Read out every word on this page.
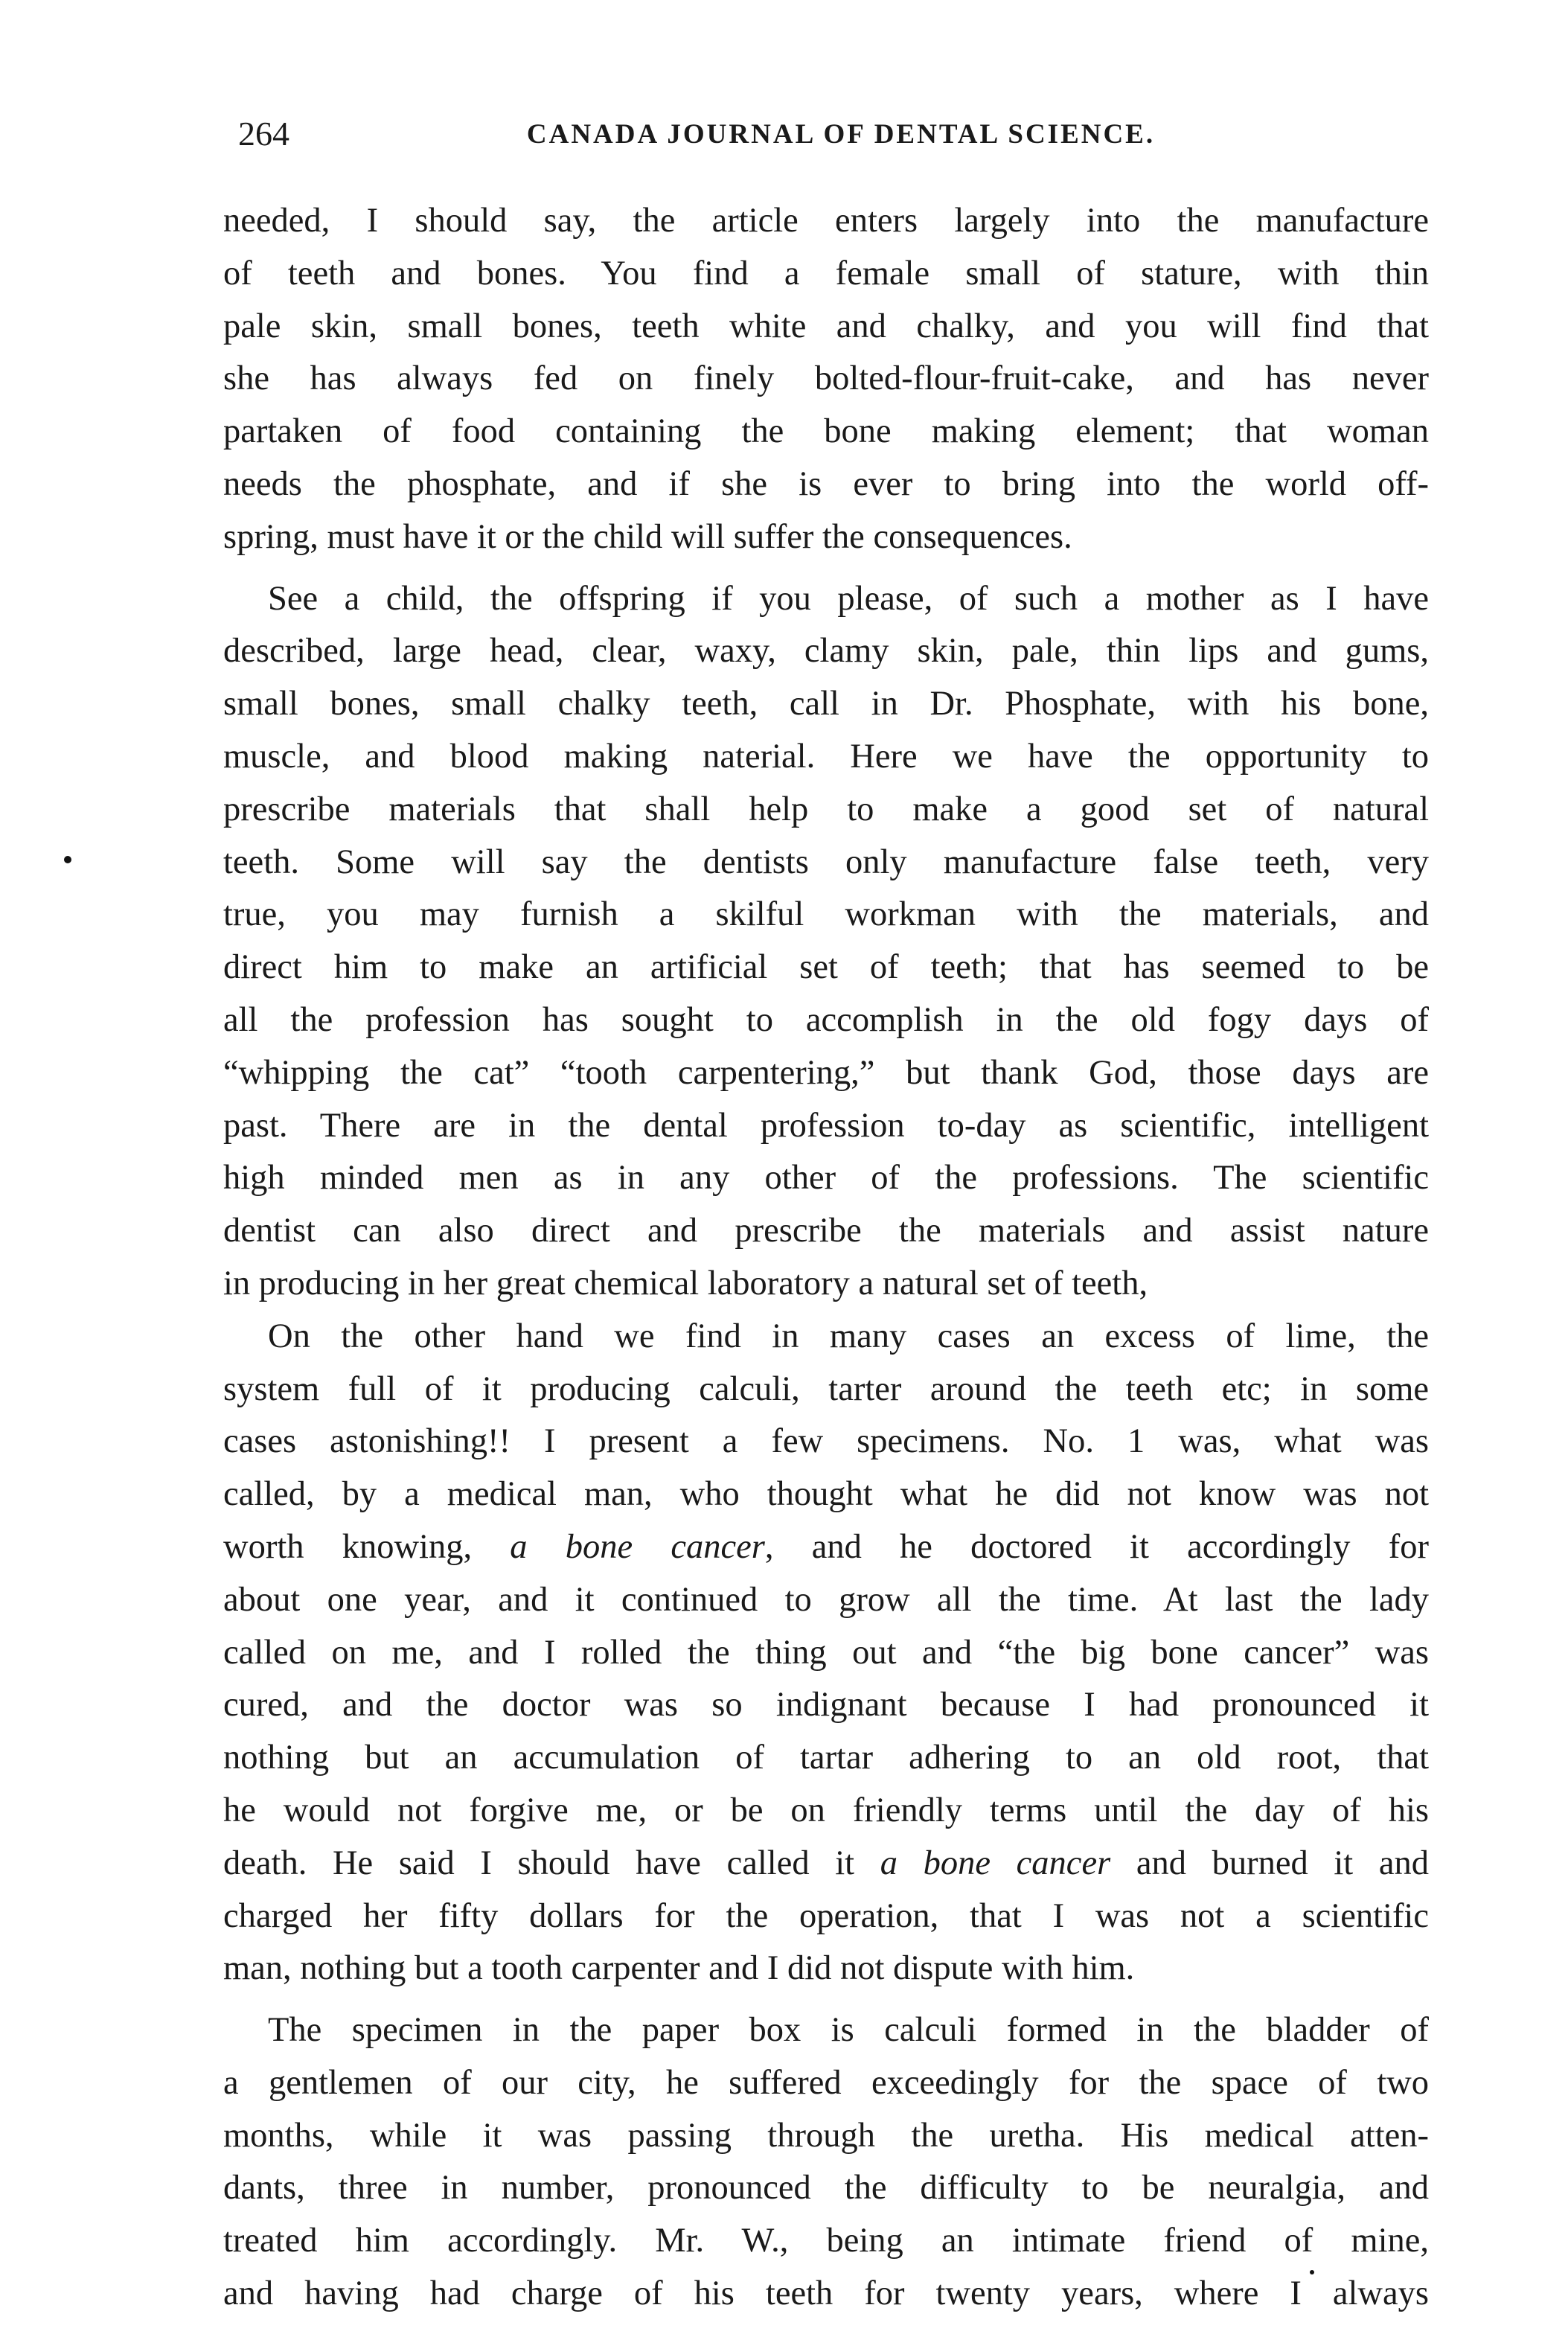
264	CANADA JOURNAL OF DENTAL SCIENCE.
needed, I should say, the article enters largely into the manufacture
of teeth and bones. You find a female small of stature, with thin
pale skin, small bones, teeth white and chalky, and you will find that
she has always fed on finely bolted-flour-fruit-cake, and has never
partaken of food containing the bone making element; that woman
needs the phosphate, and if she is ever to bring into the world off-
spring, must have it or the child will suffer the consequences.
See a child, the offspring if you please, of such a mother as I have
described, large head, clear, waxy, clamy skin, pale, thin lips and gums,
small bones, small chalky teeth, call in Dr. Phosphate, with his bone,
muscle, and blood making naterial. Here we have the opportunity to
prescribe materials that shall help to make a good set of natural
teeth. Some will say the dentists only manufacture false teeth, very
true, you may furnish a skilful workman with the materials, and
direct him to make an artificial set of teeth; that has seemed to be
all the profession has sought to accomplish in the old fogy days of
“whipping the cat” “tooth carpentering,” but thank God, those days are
past. There are in the dental profession to-day as scientific, intelligent
high minded men as in any other of the professions. The scientific
dentist can also direct and prescribe the materials and assist nature
in producing in her great chemical laboratory a natural set of teeth,
On the other hand we find in many cases an excess of lime, the
system full of it producing calculi, tarter around the teeth etc; in some
cases astonishing!! I present a few specimens. No. 1 was, what was
called, by a medical man, who thought what he did not know was not
worth knowing, a bone cancer, and he doctored it accordingly for
about one year, and it continued to grow all the time. At last the lady
called on me, and I rolled the thing out and “the big bone cancer” was
cured, and the doctor was so indignant because I had pronounced it
nothing but an accumulation of tartar adhering to an old root, that
he would not forgive me, or be on friendly terms until the day of his
death. He said I should have called it a bone cancer and burned it and
charged her fifty dollars for the operation, that I was not a scientific
man, nothing but a tooth carpenter and I did not dispute with him.
The specimen in the paper box is calculi formed in the bladder of
a gentlemen of our city, he suffered exceedingly for the space of two
months, while it was passing through the uretha. His medical atten-
dants, three in number, pronounced the difficulty to be neuralgia, and
treated him accordingly. Mr. W., being an intimate friend of mine,
and having had charge of his teeth for twenty years, where I always
